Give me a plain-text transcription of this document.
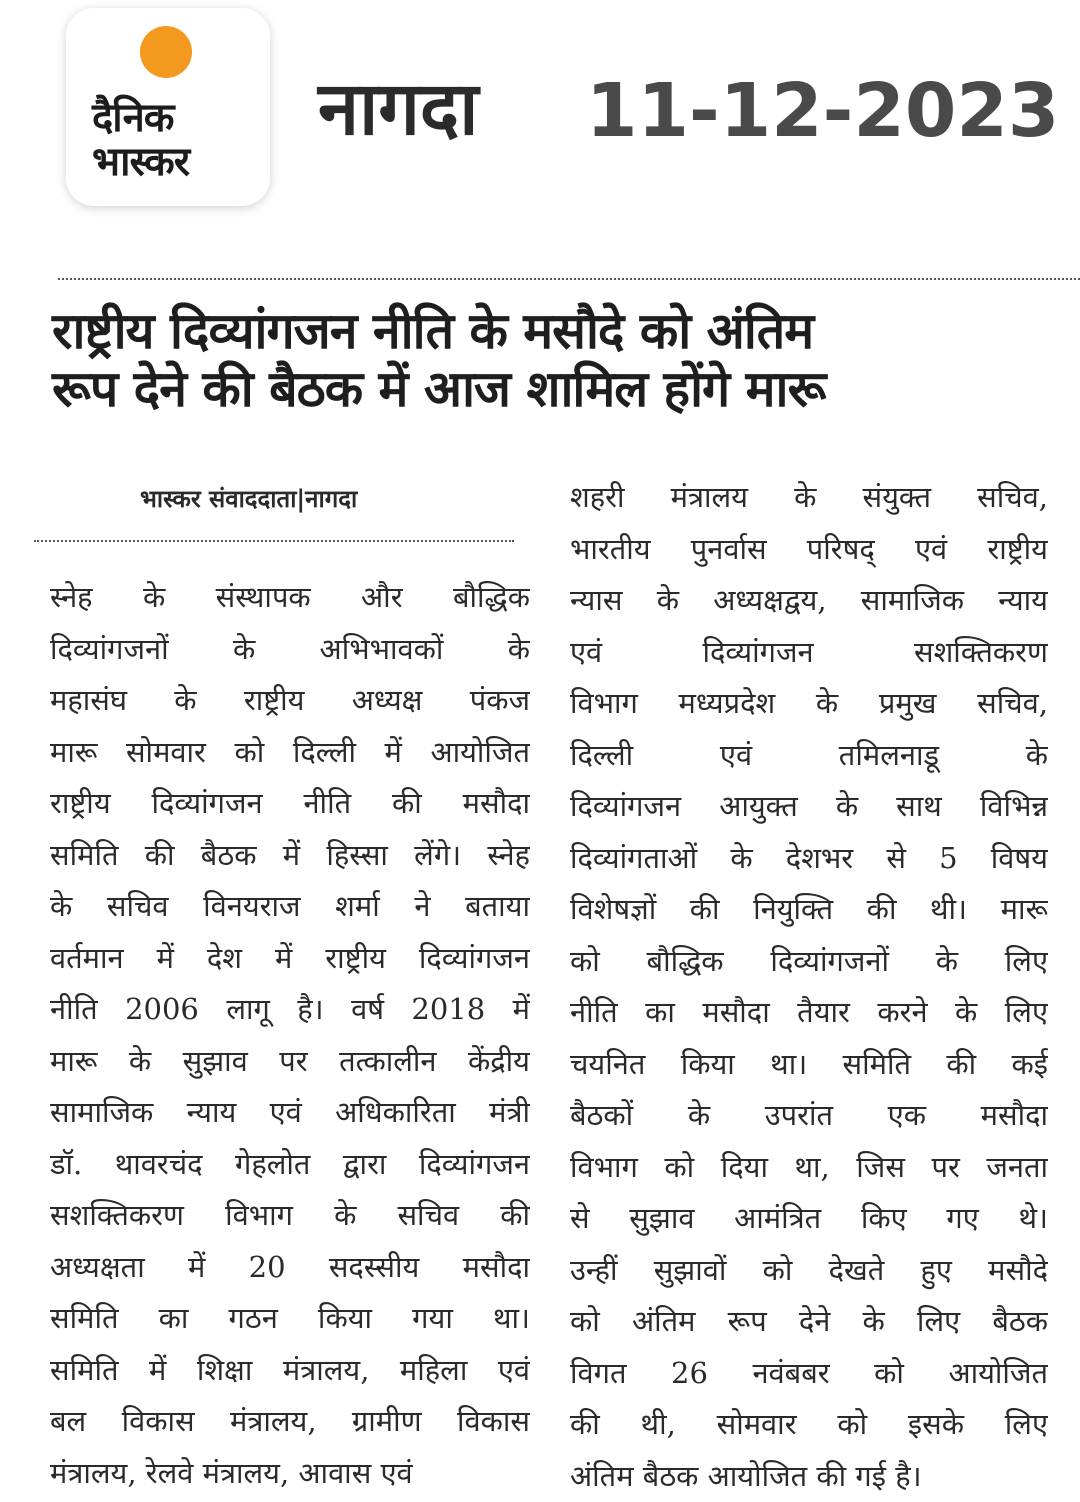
दैनिक
भास्कर
नागदा 11-12-2023
राष्ट्रीय दिव्यांगजन नीति के मसौदे को अंतिम
रूप देने की बैठक में आज शामिल होंगे मारू
भास्कर संवाददाता|नागदा
स्नेह के संस्थापक और बौद्धिक
दिव्यांगजनों के अभिभावकों के
महासंघ के राष्ट्रीय अध्यक्ष पंकज
मारू सोमवार को दिल्ली में आयोजित
राष्ट्रीय दिव्यांगजन नीति की मसौदा
समिति की बैठक में हिस्सा लेंगे। स्नेह
के सचिव विनयराज शर्मा ने बताया
वर्तमान में देश में राष्ट्रीय दिव्यांगजन
नीति 2006 लागू है। वर्ष 2018 में
मारू के सुझाव पर तत्कालीन केंद्रीय
सामाजिक न्याय एवं अधिकारिता मंत्री
डॉ. थावरचंद गेहलोत द्वारा दिव्यांगजन
सशक्तिकरण विभाग के सचिव की
अध्यक्षता में 20 सदस्सीय मसौदा
समिति का गठन किया गया था।
समिति में शिक्षा मंत्रालय, महिला एवं
बल विकास मंत्रालय, ग्रामीण विकास
मंत्रालय, रेलवे मंत्रालय, आवास एवं
शहरी मंत्रालय के संयुक्त सचिव,
भारतीय पुनर्वास परिषद् एवं राष्ट्रीय
न्यास के अध्यक्षद्वय, सामाजिक न्याय
एवं दिव्यांगजन सशक्तिकरण
विभाग मध्यप्रदेश के प्रमुख सचिव,
दिल्ली एवं तमिलनाडू के
दिव्यांगजन आयुक्त के साथ विभिन्न
दिव्यांगताओं के देशभर से 5 विषय
विशेषज्ञों की नियुक्ति की थी। मारू
को बौद्धिक दिव्यांगजनों के लिए
नीति का मसौदा तैयार करने के लिए
चयनित किया था। समिति की कई
बैठकों के उपरांत एक मसौदा
विभाग को दिया था, जिस पर जनता
से सुझाव आमंत्रित किए गए थे।
उन्हीं सुझावों को देखते हुए मसौदे
को अंतिम रूप देने के लिए बैठक
विगत 26 नवंबबर को आयोजित
की थी, सोमवार को इसके लिए
अंतिम बैठक आयोजित की गई है।
